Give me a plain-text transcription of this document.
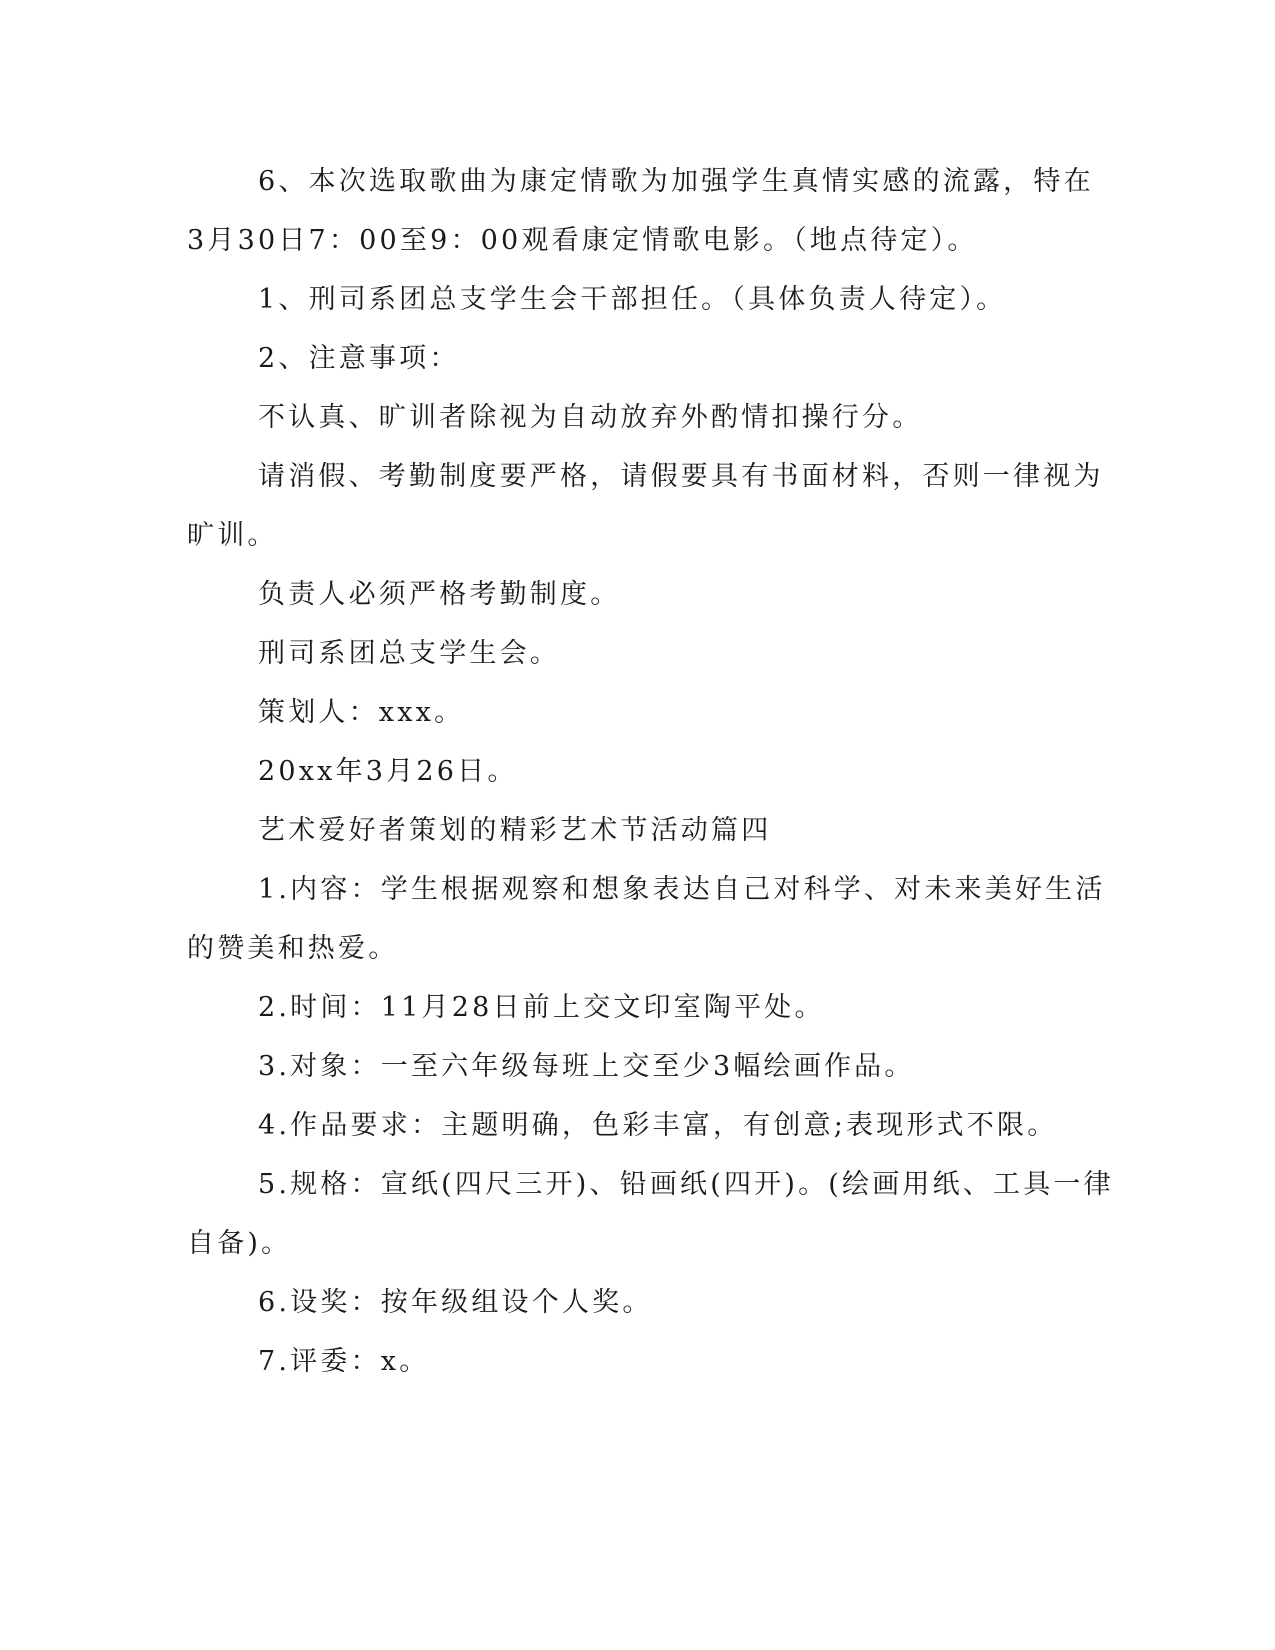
6、本次选取歌曲为康定情歌为加强学生真情实感的流露，特在
3月30日7：00至9：00观看康定情歌电影。（地点待定）。
1、刑司系团总支学生会干部担任。（具体负责人待定）。
2、注意事项：
不认真、旷训者除视为自动放弃外酌情扣操行分。
请消假、考勤制度要严格，请假要具有书面材料，否则一律视为
旷训。
负责人必须严格考勤制度。
刑司系团总支学生会。
策划人：xxx。
20xx年3月26日。
艺术爱好者策划的精彩艺术节活动篇四
1.内容：学生根据观察和想象表达自己对科学、对未来美好生活
的赞美和热爱。
2.时间：11月28日前上交文印室陶平处。
3.对象：一至六年级每班上交至少3幅绘画作品。
4.作品要求：主题明确，色彩丰富，有创意;表现形式不限。
5.规格：宣纸(四尺三开)、铅画纸(四开)。(绘画用纸、工具一律
自备)。
6.设奖：按年级组设个人奖。
7.评委：x。
